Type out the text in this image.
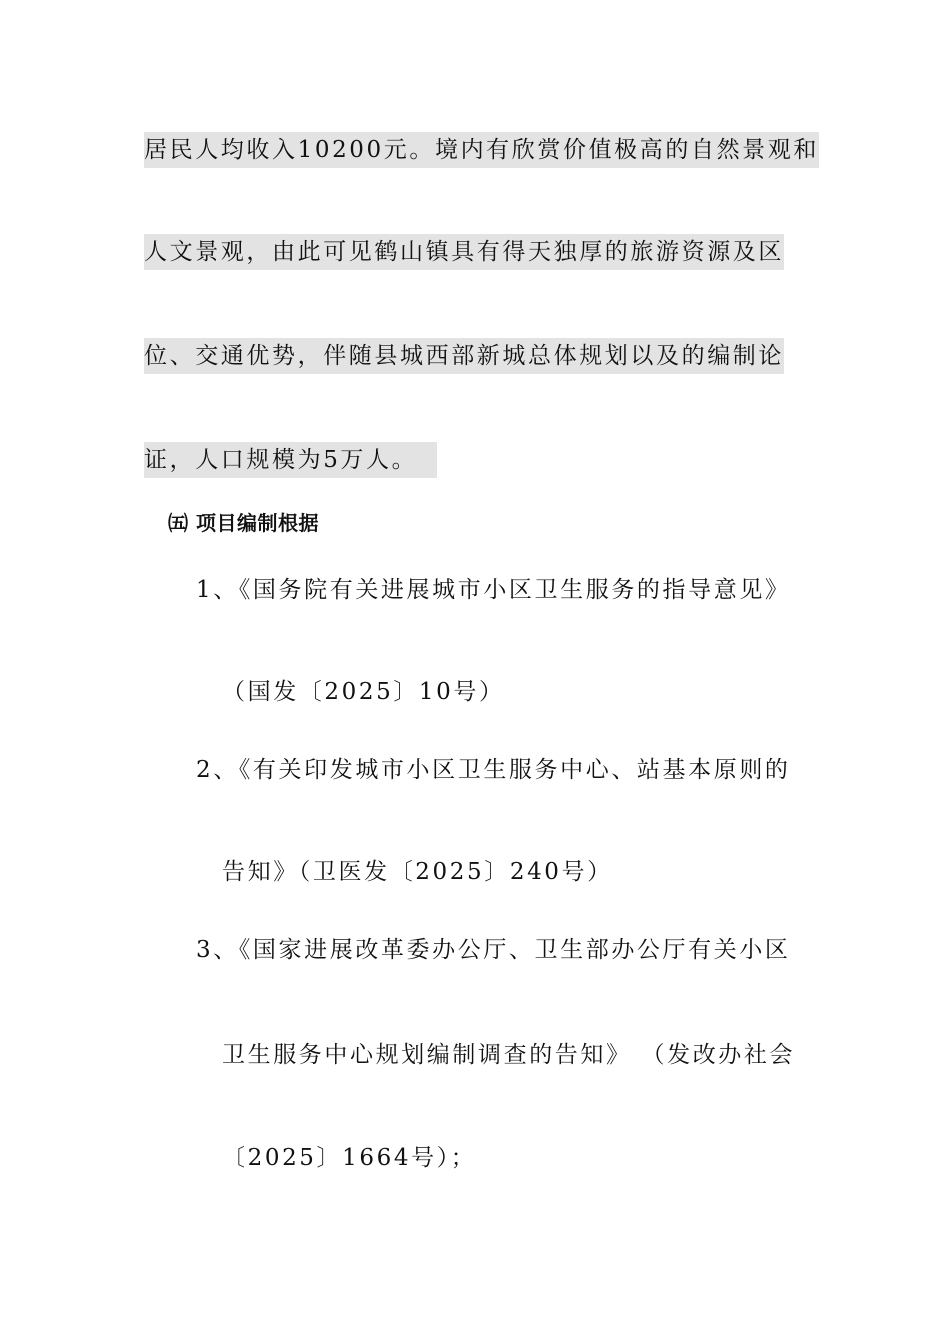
居民人均收入10200元。境内有欣赏价值极高的自然景观和
人文景观，由此可见鹤山镇具有得天独厚的旅游资源及区
位、交通优势，伴随县城西部新城总体规划以及的编制论
证，人口规模为5万人。
㈤ 项目编制根据
1、《国务院有关进展城市小区卫生服务的指导意见》
（国发〔2025〕10号）
2、《有关印发城市小区卫生服务中心、站基本原则的
告知》（卫医发〔2025〕240号）
3、《国家进展改革委办公厅、卫生部办公厅有关小区
卫生服务中心规划编制调查的告知》 （发改办社会
〔2025〕1664号）；
